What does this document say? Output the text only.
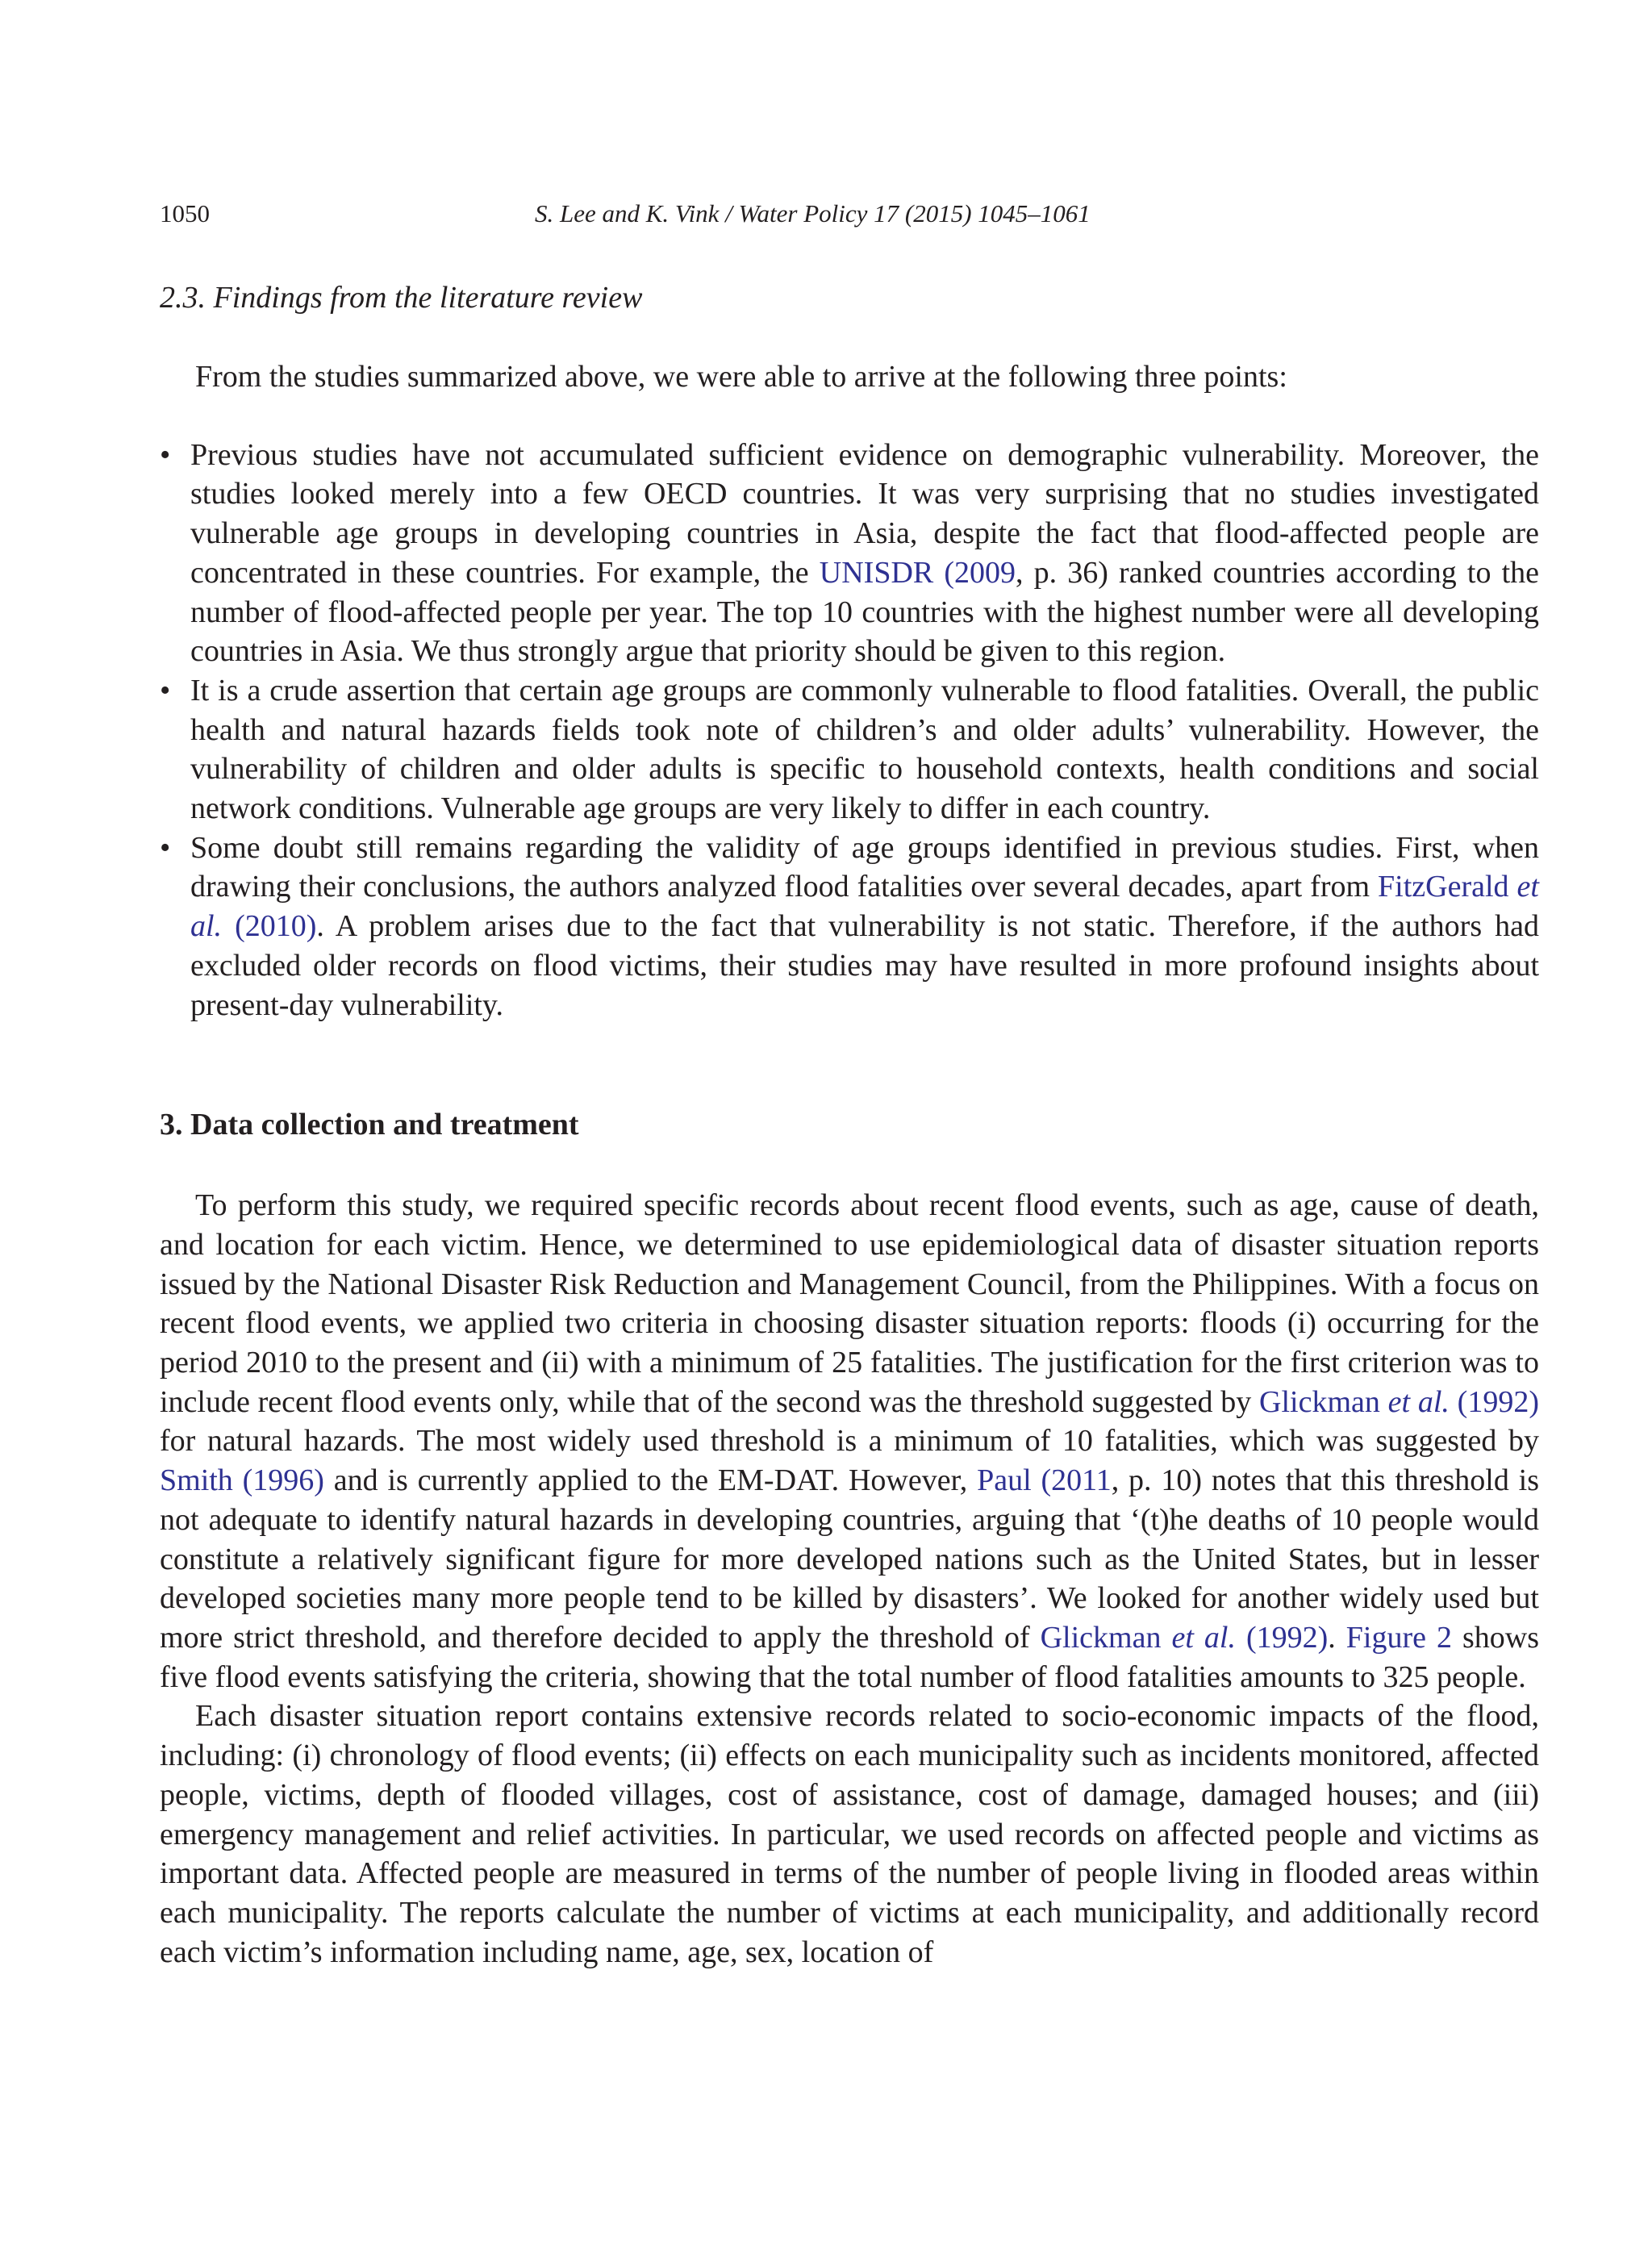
1050	S. Lee and K. Vink / Water Policy 17 (2015) 1045–1061
2.3. Findings from the literature review

From the studies summarized above, we were able to arrive at the following three points:

• Previous studies have not accumulated sufficient evidence on demographic vulnerability. Moreover, the studies looked merely into a few OECD countries. It was very surprising that no studies investigated vulnerable age groups in developing countries in Asia, despite the fact that flood-affected people are concentrated in these countries. For example, the UNISDR (2009, p. 36) ranked countries according to the number of flood-affected people per year. The top 10 countries with the highest number were all developing countries in Asia. We thus strongly argue that priority should be given to this region.
• It is a crude assertion that certain age groups are commonly vulnerable to flood fatalities. Overall, the public health and natural hazards fields took note of children’s and older adults’ vulnerability. However, the vulnerability of children and older adults is specific to household contexts, health conditions and social network conditions. Vulnerable age groups are very likely to differ in each country.
• Some doubt still remains regarding the validity of age groups identified in previous studies. First, when drawing their conclusions, the authors analyzed flood fatalities over several decades, apart from FitzGerald et al. (2010). A problem arises due to the fact that vulnerability is not static. Therefore, if the authors had excluded older records on flood victims, their studies may have resulted in more profound insights about present-day vulnerability.
3. Data collection and treatment

To perform this study, we required specific records about recent flood events, such as age, cause of death, and location for each victim. Hence, we determined to use epidemiological data of disaster situation reports issued by the National Disaster Risk Reduction and Management Council, from the Philippines. With a focus on recent flood events, we applied two criteria in choosing disaster situation reports: floods (i) occurring for the period 2010 to the present and (ii) with a minimum of 25 fatalities. The justification for the first criterion was to include recent flood events only, while that of the second was the threshold suggested by Glickman et al. (1992) for natural hazards. The most widely used threshold is a minimum of 10 fatalities, which was suggested by Smith (1996) and is currently applied to the EM-DAT. However, Paul (2011, p. 10) notes that this threshold is not adequate to identify natural hazards in developing countries, arguing that ‘(t)he deaths of 10 people would constitute a relatively significant figure for more developed nations such as the United States, but in lesser developed societies many more people tend to be killed by disasters’. We looked for another widely used but more strict threshold, and therefore decided to apply the threshold of Glickman et al. (1992). Figure 2 shows five flood events satisfying the criteria, showing that the total number of flood fatalities amounts to 325 people.

Each disaster situation report contains extensive records related to socio-economic impacts of the flood, including: (i) chronology of flood events; (ii) effects on each municipality such as incidents monitored, affected people, victims, depth of flooded villages, cost of assistance, cost of damage, damaged houses; and (iii) emergency management and relief activities. In particular, we used records on affected people and victims as important data. Affected people are measured in terms of the number of people living in flooded areas within each municipality. The reports calculate the number of victims at each municipality, and additionally record each victim’s information including name, age, sex, location of
